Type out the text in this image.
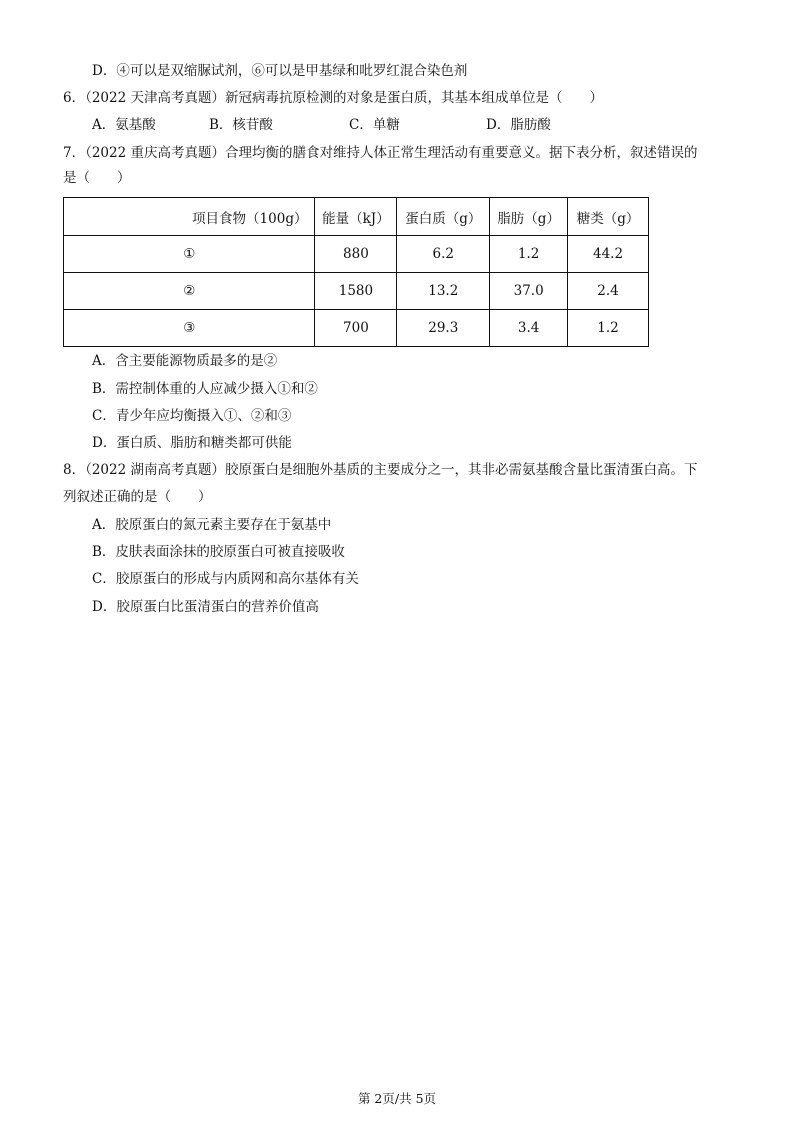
D．④可以是双缩脲试剂，⑥可以是甲基绿和吡罗红混合染色剂
6．（2022 天津高考真题）新冠病毒抗原检测的对象是蛋白质，其基本组成单位是（　　）
A．氨基酸	B．核苷酸	C．单糖	D．脂肪酸
7．（2022 重庆高考真题）合理均衡的膳食对维持人体正常生理活动有重要意义。据下表分析，叙述错误的
是（　　）
项目食物（100g）	能量（kJ）	蛋白质（g）	脂肪（g）	糖类（g）
①	880	6.2	1.2	44.2
②	1580	13.2	37.0	2.4
③	700	29.3	3.4	1.2
A．含主要能源物质最多的是②
B．需控制体重的人应减少摄入①和②
C．青少年应均衡摄入①、②和③
D．蛋白质、脂肪和糖类都可供能
8．（2022 湖南高考真题）胶原蛋白是细胞外基质的主要成分之一，其非必需氨基酸含量比蛋清蛋白高。下
列叙述正确的是（　　）
A．胶原蛋白的氮元素主要存在于氨基中
B．皮肤表面涂抹的胶原蛋白可被直接吸收
C．胶原蛋白的形成与内质网和高尔基体有关
D．胶原蛋白比蛋清蛋白的营养价值高
第 2页/共 5页
